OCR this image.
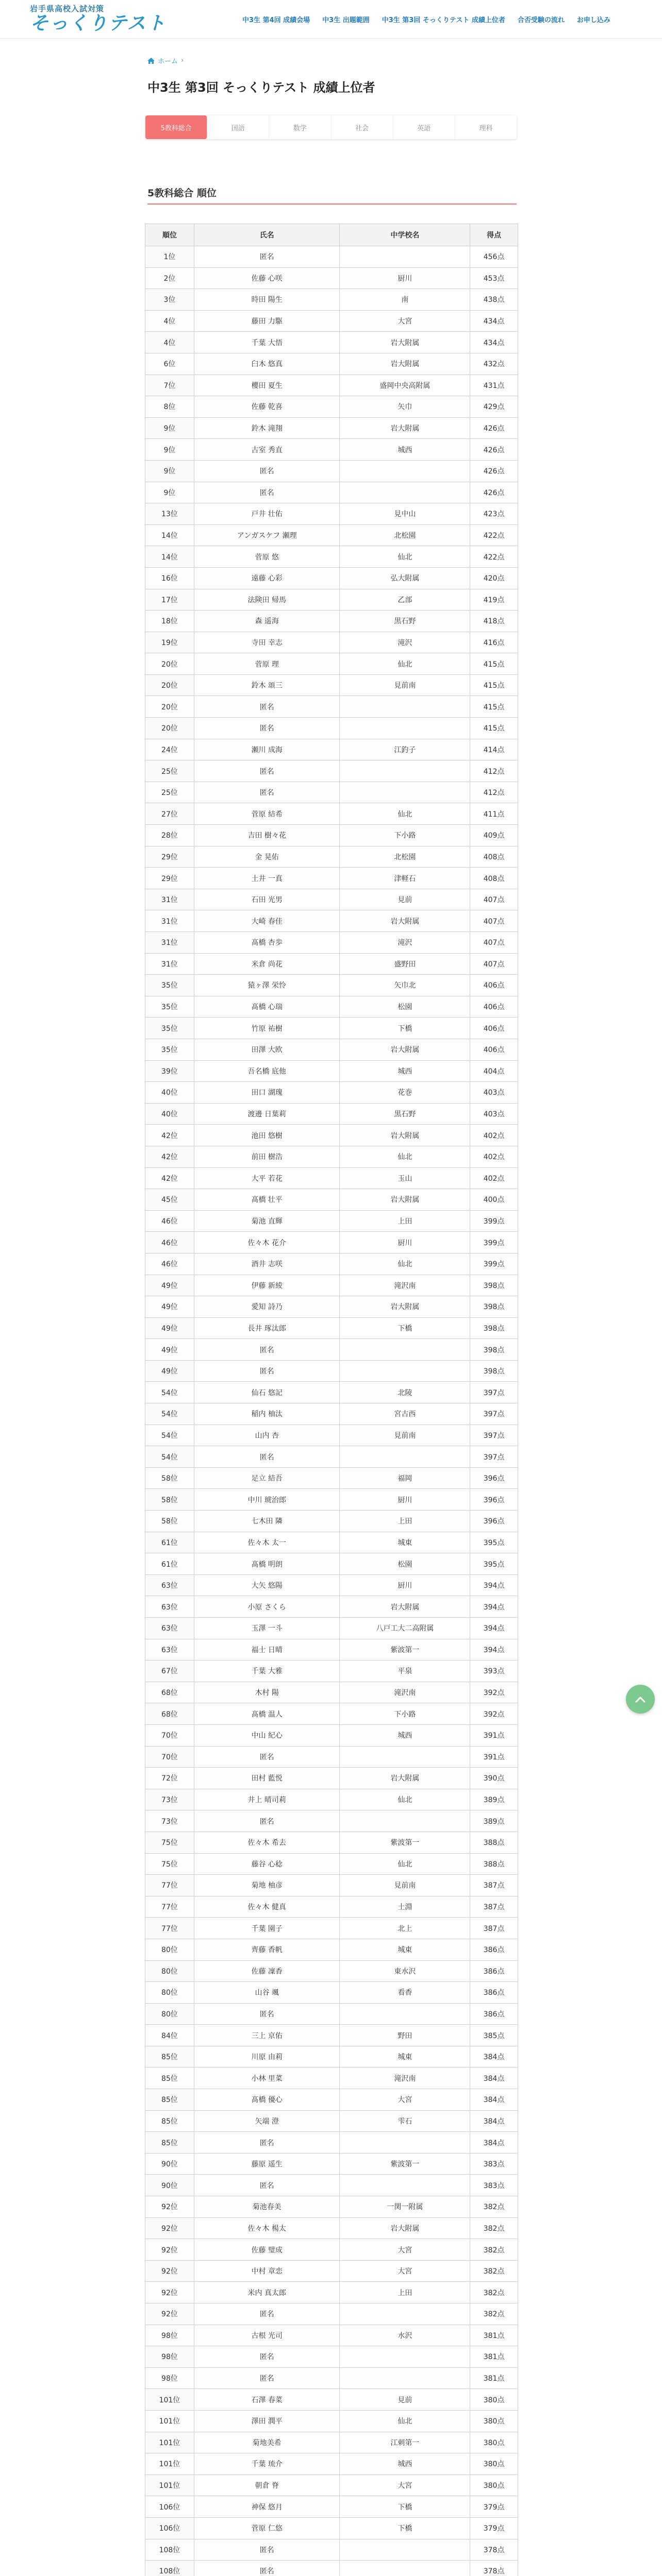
岩手県高校入試対策
そっくりテスト	中3生 第4回 成績会場	中3生 出題範囲	中3生 第3回 そっくりテスト 成績上位者	合否受験の流れ	お申し込み
ホーム ›
中3生 第3回 そっくりテスト 成績上位者
5教科総合	国語	数学	社会	英語	理科
5教科総合 順位
順位	氏名	中学校名	得点
1位	匿名		456点
2位	佐藤 心咲	厨川	453点
3位	時田 陽生	南	438点
4位	藤田 力駆	大宮	434点
4位	千葉 大悟	岩大附属	434点
6位	臼木 悠真	岩大附属	432点
7位	櫻田 夏生	盛岡中央高附属	431点
8位	佐藤 乾喜	矢巾	429点
9位	鈴木 滝翔	岩大附属	426点
9位	古室 秀直	城西	426点
9位	匿名		426点
9位	匿名		426点
13位	戸井 壮佑	見中山	423点
14位	アンガスケフ 瀬理	北松園	422点
14位	菅原 悠	仙北	422点
16位	遠藤 心彩	弘大附属	420点
17位	法険田 帰馬	乙部	419点
18位	森 遥海	黒石野	418点
19位	寺田 幸志	滝沢	416点
20位	菅原 理	仙北	415点
20位	鈴木 頌三	見前南	415点
20位	匿名		415点
20位	匿名		415点
24位	瀬川 成海	江釣子	414点
25位	匿名		412点
25位	匿名		412点
27位	菅原 結希	仙北	411点
28位	吉田 樹々花	下小路	409点
29位	金 晃佑	北松園	408点
29位	土井 一真	津軽石	408点
31位	石田 光男	見前	407点
31位	大崎 春佳	岩大附属	407点
31位	髙橋 杏歩	滝沢	407点
31位	米倉 尚花	盛野田	407点
35位	猿ヶ澤 栄怜	矢巾北	406点
35位	髙橋 心瑞	松園	406点
35位	竹原 祐樹	下橋	406点
35位	田澤 大欧	岩大附属	406点
39位	吾名橋 底他	城西	404点
40位	田口 湖瑰	花巻	403点
40位	渡邊 日葉莉	黒石野	403点
42位	池田 悠樹	岩大附属	402点
42位	前田 樹浩	仙北	402点
42位	大平 若花	玉山	402点
45位	髙橋 壮平	岩大附属	400点
46位	菊池 直輝	上田	399点
46位	佐々木 花介	厨川	399点
46位	酒井 志咲	仙北	399点
49位	伊藤 新綾	滝沢南	398点
49位	愛知 詩乃	岩大附属	398点
49位	長井 琢汰郎	下橋	398点
49位	匿名		398点
49位	匿名		398点
54位	仙石 悠記	北陵	397点
54位	稲内 柚汰	宮古西	397点
54位	山内 杏	見前南	397点
54位	匿名		397点
58位	足立 結吾	福岡	396点
58位	中川 琥治郎	厨川	396点
58位	七木田 隣	上田	396点
61位	佐々木 太一	城東	395点
61位	髙橋 明朗	松園	395点
63位	大矢 悠陽	厨川	394点
63位	小原 さくら	岩大附属	394点
63位	玉澤 一斗	八戸工大二高附属	394点
63位	福士 日晴	紫波第一	394点
67位	千葉 大雅	平泉	393点
68位	木村 陽	滝沢南	392点
68位	髙橋 温人	下小路	392点
70位	中山 紀心	城西	391点
70位	匿名		391点
72位	田村 藍悦	岩大附属	390点
73位	井上 晴司莉	仙北	389点
73位	匿名		389点
75位	佐々木 希去	紫波第一	388点
75位	藤谷 心稔	仙北	388点
77位	菊地 柚彦	見前南	387点
77位	佐々木 健真	土淵	387点
77位	千葉 園子	北上	387点
80位	齊藤 香帆	城東	386点
80位	佐藤 凜香	東水沢	386点
80位	山谷 颯	看香	386点
80位	匿名		386点
84位	三上 京佑	野田	385点
85位	川原 由莉	城東	384点
85位	小林 里菜	滝沢南	384点
85位	髙橋 優心	大宮	384点
85位	矢端 澄	雫石	384点
85位	匿名		384点
90位	藤原 遥生	紫波第一	383点
90位	匿名		383点
92位	菊池春美	一関一附属	382点
92位	佐々木 楊太	岩大附属	382点
92位	佐藤 璧成	大宮	382点
92位	中村 章恋	大宮	382点
92位	米内 真太郎	上田	382点
92位	匿名		382点
98位	古根 光司	水沢	381点
98位	匿名		381点
98位	匿名		381点
101位	石澤 春菜	見前	380点
101位	澤田 潤平	仙北	380点
101位	菊地美希	江刺第一	380点
101位	千葉 琉介	城西	380点
101位	朝倉 脊	大宮	380点
106位	神保 悠月	下橋	379点
106位	菅原 仁悠	下橋	379点
108位	匿名		378点
108位	匿名		378点
